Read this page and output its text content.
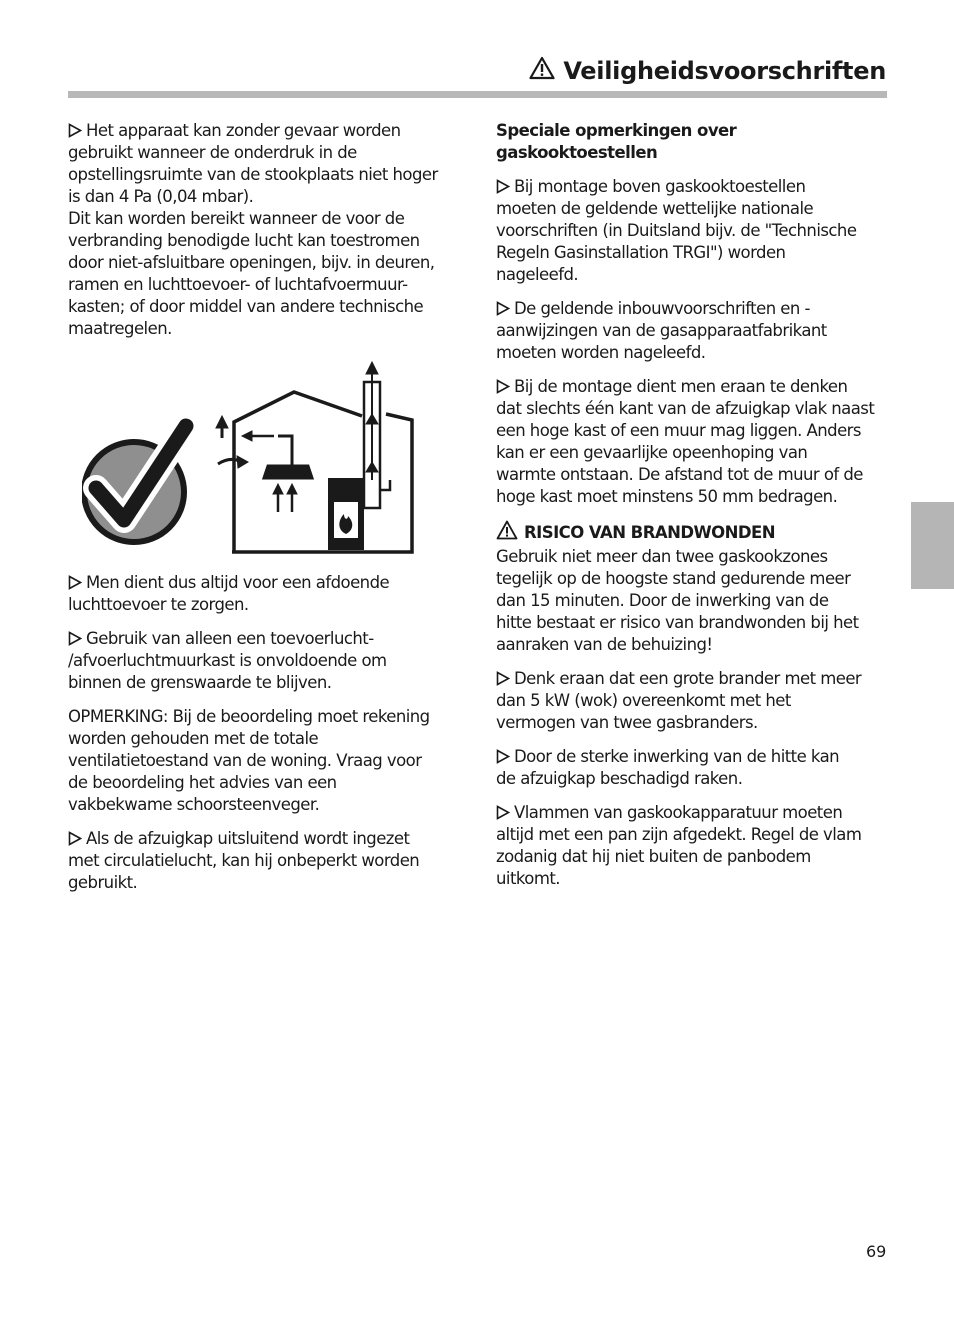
Veiligheidsvoorschriften

Het apparaat kan zonder gevaar worden
gebruikt wanneer de onderdruk in de
opstellingsruimte van de stookplaats niet hoger
is dan 4 Pa (0,04 mbar).
Dit kan worden bereikt wanneer de voor de
verbranding benodigde lucht kan toestromen
door niet-afsluitbare openingen, bijv. in deuren,
ramen en luchttoevoer- of luchtafvoermuur-
kasten; of door middel van andere technische
maatregelen.

Men dient dus altijd voor een afdoende
luchttoevoer te zorgen.

Gebruik van alleen een toevoerlucht-
/afvoerluchtmuurkast is onvoldoende om
binnen de grenswaarde te blijven.

OPMERKING: Bij de beoordeling moet rekening
worden gehouden met de totale
ventilatietoestand van de woning. Vraag voor
de beoordeling het advies van een
vakbekwame schoorsteenveger.

Als de afzuigkap uitsluitend wordt ingezet
met circulatielucht, kan hij onbeperkt worden
gebruikt.

Speciale opmerkingen over
gaskooktoestellen

Bij montage boven gaskooktoestellen
moeten de geldende wettelijke nationale
voorschriften (in Duitsland bijv. de "Technische
Regeln Gasinstallation TRGI") worden
nageleefd.

De geldende inbouwvoorschriften en -
aanwijzingen van de gasapparaatfabrikant
moeten worden nageleefd.

Bij de montage dient men eraan te denken
dat slechts één kant van de afzuigkap vlak naast
een hoge kast of een muur mag liggen. Anders
kan er een gevaarlijke opeenhoping van
warmte ontstaan. De afstand tot de muur of de
hoge kast moet minstens 50 mm bedragen.

RISICO VAN BRANDWONDEN
Gebruik niet meer dan twee gaskookzones
tegelijk op de hoogste stand gedurende meer
dan 15 minuten. Door de inwerking van de
hitte bestaat er risico van brandwonden bij het
aanraken van de behuizing!

Denk eraan dat een grote brander met meer
dan 5 kW (wok) overeenkomt met het
vermogen van twee gasbranders.

Door de sterke inwerking van de hitte kan
de afzuigkap beschadigd raken.

Vlammen van gaskookapparatuur moeten
altijd met een pan zijn afgedekt. Regel de vlam
zodanig dat hij niet buiten de panbodem
uitkomt.

69
